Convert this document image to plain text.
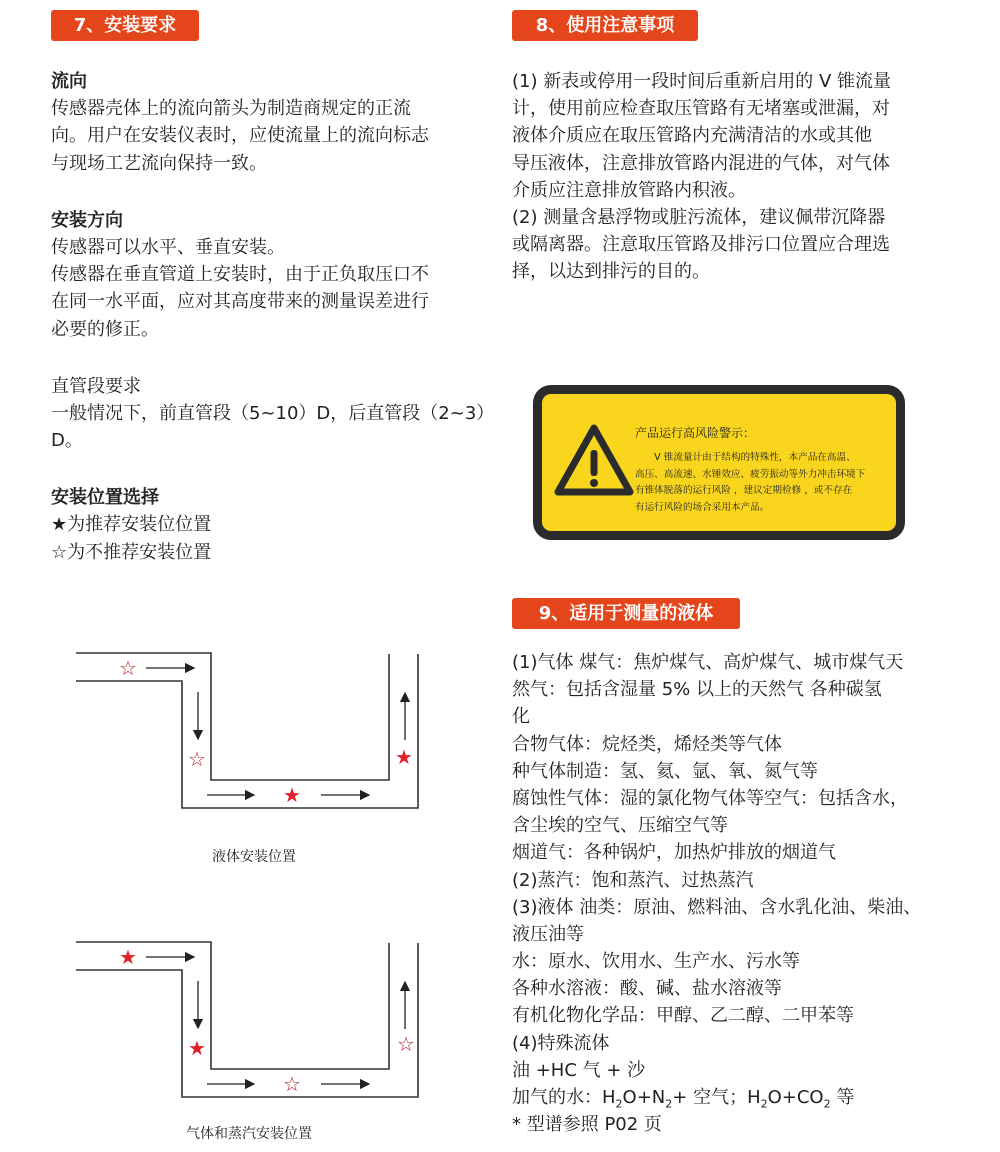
7、安装要求	8、使用注意事项
9、适用于测量的液体
流向
传感器壳体上的流向箭头为制造商规定的正流
向。用户在安装仪表时，应使流量上的流向标志
与现场工艺流向保持一致。
安装方向
传感器可以水平、垂直安装。
传感器在垂直管道上安装时，由于正负取压口不
在同一水平面，应对其高度带来的测量误差进行
必要的修正。
直管段要求
一般情况下，前直管段（5~10）D，后直管段（2~3）
D。
安装位置选择
★为推荐安装位位置
☆为不推荐安装位置
☆
☆
★
★
★
★
☆
☆
液体安装位置
气体和蒸汽安装位置
(1) 新表或停用一段时间后重新启用的 V 锥流量
计，使用前应检查取压管路有无堵塞或泄漏，对
液体介质应在取压管路内充满清洁的水或其他
导压液体，注意排放管路内混进的气体，对气体
介质应注意排放管路内积液。
(2) 测量含悬浮物或脏污流体，建议佩带沉降器
或隔离器。注意取压管路及排污口位置应合理选
择，以达到排污的目的。
产品运行高风险警示：
　　V 锥流量计由于结构的特殊性，本产品在高温、
高压、高流速、水锤效应、疲劳振动等外力冲击环境下
有锥体脱落的运行风险 ，建议定期检修 ，或不存在
有运行风险的场合采用本产品。
(1)气体 煤气：焦炉煤气、高炉煤气、城市煤气天
然气：包括含湿量 5% 以上的天然气 各种碳氢
化
合物气体：烷烃类，烯烃类等气体
种气体制造：氢、氦、氩、氧、氮气等
腐蚀性气体：湿的氯化物气体等空气：包括含水，
含尘埃的空气、压缩空气等
烟道气：各种锅炉，加热炉排放的烟道气
(2)蒸汽：饱和蒸汽、过热蒸汽
(3)液体 油类：原油、燃料油、含水乳化油、柴油、
液压油等
水：原水、饮用水、生产水、污水等
各种水溶液：酸、碱、盐水溶液等
有机化物化学品：甲醇、乙二醇、二甲苯等
(4)特殊流体
油 +HC 气 + 沙
加气的水：$H_2O+N_2+$ 空气；$H_2O+CO_2$ 等
* 型谱参照 P02 页
